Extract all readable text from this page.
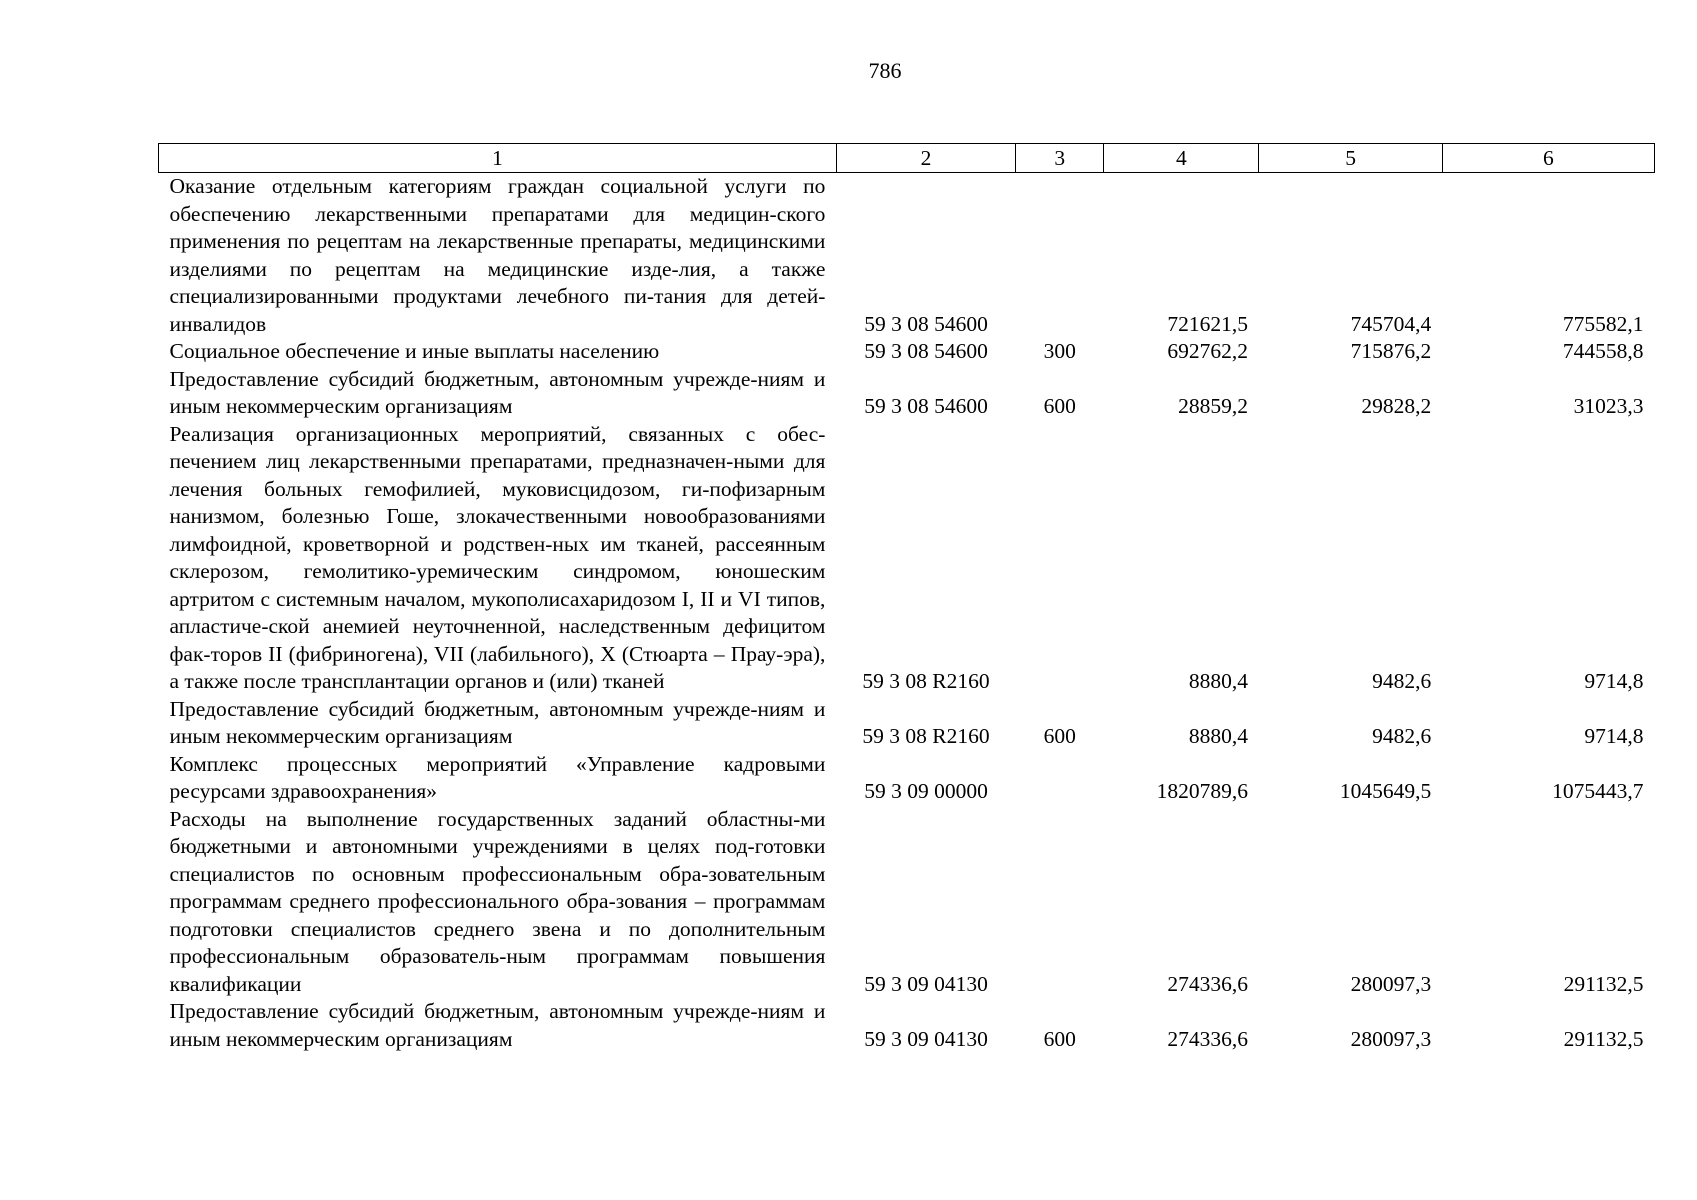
786
1	2	3	4	5	6
Оказание отдельным категориям граждан социальной услуги по обеспечению лекарственными препаратами для медицин-ского применения по рецептам на лекарственные препараты, медицинскими изделиями по рецептам на медицинские изде-лия, а также специализированными продуктами лечебного пи-тания для детей-инвалидов	59 3 08 54600		721621,5	745704,4	775582,1
Социальное обеспечение и иные выплаты населению	59 3 08 54600	300	692762,2	715876,2	744558,8
Предоставление субсидий бюджетным, автономным учрежде-ниям и иным некоммерческим организациям	59 3 08 54600	600	28859,2	29828,2	31023,3
Реализация организационных мероприятий, связанных с обес-печением лиц лекарственными препаратами, предназначен-ными для лечения больных гемофилией, муковисцидозом, ги-пофизарным нанизмом, болезнью Гоше, злокачественными новообразованиями лимфоидной, кроветворной и родствен-ных им тканей, рассеянным склерозом, гемолитико-уремическим синдромом, юношеским артритом с системным началом, мукополисахаридозом I, II и VI типов, апластиче-ской анемией неуточненной, наследственным дефицитом фак-торов II (фибриногена), VII (лабильного), X (Стюарта – Прау-эра), а также после трансплантации органов и (или) тканей	59 3 08 R2160		8880,4	9482,6	9714,8
Предоставление субсидий бюджетным, автономным учрежде-ниям и иным некоммерческим организациям	59 3 08 R2160	600	8880,4	9482,6	9714,8
Комплекс процессных мероприятий «Управление кадровыми ресурсами здравоохранения»	59 3 09 00000		1820789,6	1045649,5	1075443,7
Расходы на выполнение государственных заданий областны-ми бюджетными и автономными учреждениями в целях под-готовки специалистов по основным профессиональным обра-зовательным программам среднего профессионального обра-зования – программам подготовки специалистов среднего звена и по дополнительным профессиональным образователь-ным программам повышения квалификации	59 3 09 04130		274336,6	280097,3	291132,5
Предоставление субсидий бюджетным, автономным учрежде-ниям и иным некоммерческим организациям	59 3 09 04130	600	274336,6	280097,3	291132,5
